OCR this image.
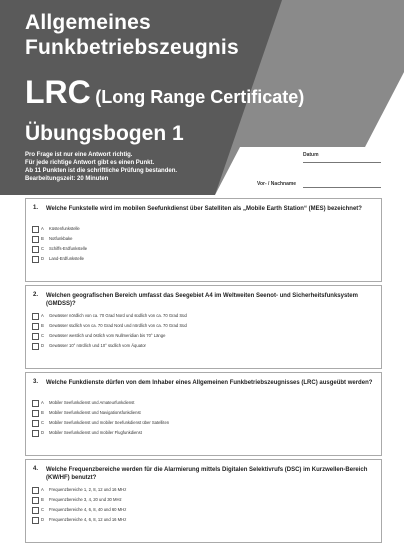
Allgemeines
Funkbetriebszeugnis
LRC (Long Range Certificate)
Übungsbogen 1
Pro Frage ist nur eine Antwort richtig.
Für jede richtige Antwort gibt es einen Punkt.
Ab 11 Punkten ist die schriftliche Prüfung bestanden.
Bearbeitungszeit: 20 Minuten
Datum
Vor- / Nachname
1. Welche Funkstelle wird im mobilen Seefunkdienst über Satelliten als „Mobile Earth Station“ (MES) bezeichnet?
A Küstenfunkstelle
B Notfunkbake
C Schiffs-Erdfunkstelle
D Land-Erdfunkstelle
2. Welchen geografischen Bereich umfasst das Seegebiet A4 im Weltweiten Seenot- und Sicherheitsfunksystem (GMDSS)?
A Gewässer nördlich von ca. 70 Grad Nord und südlich von ca. 70 Grad Süd
B Gewässer südlich von ca. 70 Grad Nord und nördlich von ca. 70 Grad Süd
C Gewässer westlich und östlich vom Nullmeridian bis 70° Länge
D Gewässer 10° nördlich und 10° südlich vom Äquator
3. Welche Funkdienste dürfen von dem Inhaber eines Allgemeinen Funkbetriebszeugnisses (LRC) ausgeübt werden?
A Mobiler Seefunkdienst und Amateurfunkdienst
B Mobiler Seefunkdienst und Navigationsfunkdienst
C Mobiler Seefunkdienst und mobiler Seefunkdienst über Satelliten
D Mobiler Seefunkdienst und mobiler Flugfunkdienst
4. Welche Frequenzbereiche werden für die Alarmierung mittels Digitalen Selektivrufs (DSC) im Kurzwellen-Bereich (KW/HF) benutzt?
A Frequenzbereiche 1, 2, 8, 12 und 16 MHz
B Frequenzbereiche 3, 4, 20 und 30 MHz
C Frequenzbereiche 4, 6, 8, 40 und 60 MHz
D Frequenzbereiche 4, 6, 8, 12 und 16 MHz
